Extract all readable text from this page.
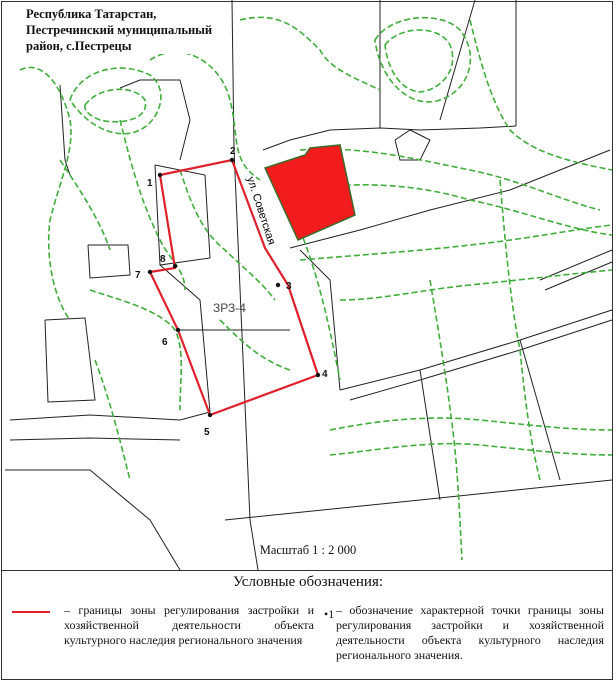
1
2
3
4
5
6
7
8
ул. Советская
ЗРЗ-4
Республика Татарстан,
Пестречинский муниципальный
район, с.Пестрецы
Масштаб 1 : 2 000
Условные обозначения:
– границы зоны регулирования застройки и хозяйственной деятельности объекта культурного наследия регионального значения
•1 – обозначение характерной точки границы зоны регулирования застройки и хозяйственной деятельности объекта культурного наследия регионального значения.
